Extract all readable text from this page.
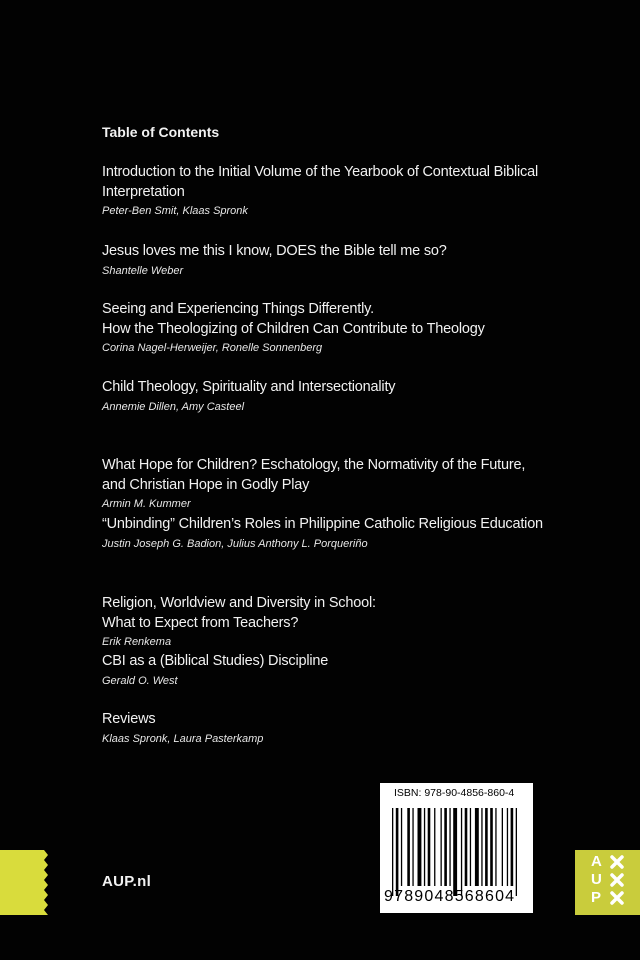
Table of Contents
Introduction to the Initial Volume of the Yearbook of Contextual Biblical
Interpretation
Peter-Ben Smit, Klaas Spronk
Jesus loves me this I know, DOES the Bible tell me so?
Shantelle Weber
Seeing and Experiencing Things Differently.
How the Theologizing of Children Can Contribute to Theology
Corina Nagel-Herweijer, Ronelle Sonnenberg
Child Theology, Spirituality and Intersectionality
Annemie Dillen, Amy Casteel
What Hope for Children? Eschatology, the Normativity of the Future,
and Christian Hope in Godly Play
Armin M. Kummer
“Unbinding” Children’s Roles in Philippine Catholic Religious Education
Justin Joseph G. Badion, Julius Anthony L. Porqueriño
Religion, Worldview and Diversity in School:
What to Expect from Teachers?
Erik Renkema
CBI as a (Biblical Studies) Discipline
Gerald O. West
Reviews
Klaas Spronk, Laura Pasterkamp
AUP.nl
ISBN: 978-90-4856-860-4
9789048568604
A
U
P
